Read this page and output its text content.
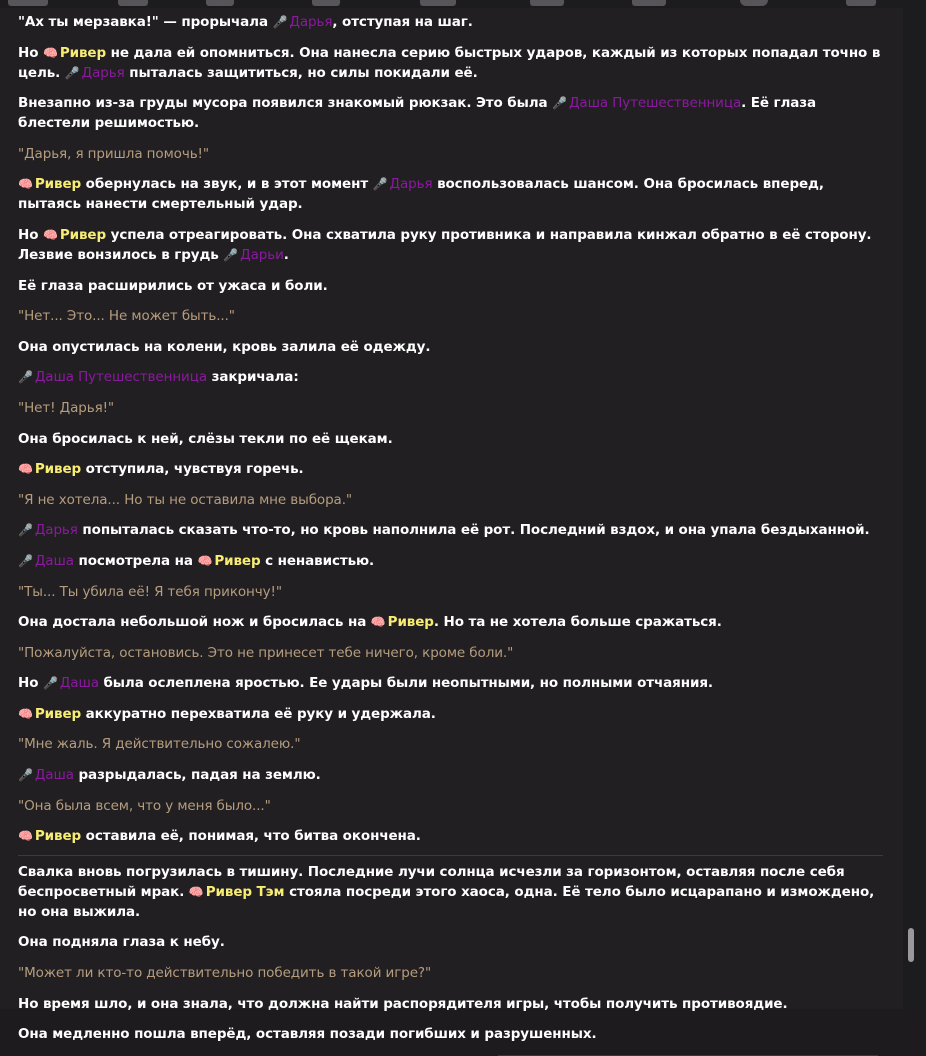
"Ах ты мерзавка!" — прорычала 🎤 Дарья, отступая на шаг.

Но 🧠 Ривер не дала ей опомниться. Она нанесла серию быстрых ударов, каждый из которых попадал точно в цель. 🎤 Дарья пыталась защититься, но силы покидали её.

Внезапно из-за груды мусора появился знакомый рюкзак. Это была 🎤 Даша Путешественница. Её глаза блестели решимостью.

"Дарья, я пришла помочь!"

🧠 Ривер обернулась на звук, и в этот момент 🎤 Дарья воспользовалась шансом. Она бросилась вперед, пытаясь нанести смертельный удар.

Но 🧠 Ривер успела отреагировать. Она схватила руку противника и направила кинжал обратно в её сторону. Лезвие вонзилось в грудь 🎤 Дарьи.

Её глаза расширились от ужаса и боли.

"Нет... Это... Не может быть..."

Она опустилась на колени, кровь залила её одежду.

🎤 Даша Путешественница закричала:

"Нет! Дарья!"

Она бросилась к ней, слёзы текли по её щекам.

🧠 Ривер отступила, чувствуя горечь.

"Я не хотела... Но ты не оставила мне выбора."

🎤 Дарья попыталась сказать что-то, но кровь наполнила её рот. Последний вздох, и она упала бездыханной.

🎤 Даша посмотрела на 🧠 Ривер с ненавистью.

"Ты... Ты убила её! Я тебя прикончу!"

Она достала небольшой нож и бросилась на 🧠 Ривер. Но та не хотела больше сражаться.

"Пожалуйста, остановись. Это не принесет тебе ничего, кроме боли."

Но 🎤 Даша была ослеплена яростью. Ее удары были неопытными, но полными отчаяния.

🧠 Ривер аккуратно перехватила её руку и удержала.

"Мне жаль. Я действительно сожалею."

🎤 Даша разрыдалась, падая на землю.

"Она была всем, что у меня было..."

🧠 Ривер оставила её, понимая, что битва окончена.

Свалка вновь погрузилась в тишину. Последние лучи солнца исчезли за горизонтом, оставляя после себя беспросветный мрак. 🧠 Ривер Тэм стояла посреди этого хаоса, одна. Её тело было исцарапано и измождено, но она выжила.

Она подняла глаза к небу.

"Может ли кто-то действительно победить в такой игре?"

Но время шло, и она знала, что должна найти распорядителя игры, чтобы получить противоядие.

Она медленно пошла вперёд, оставляя позади погибших и разрушенных.
